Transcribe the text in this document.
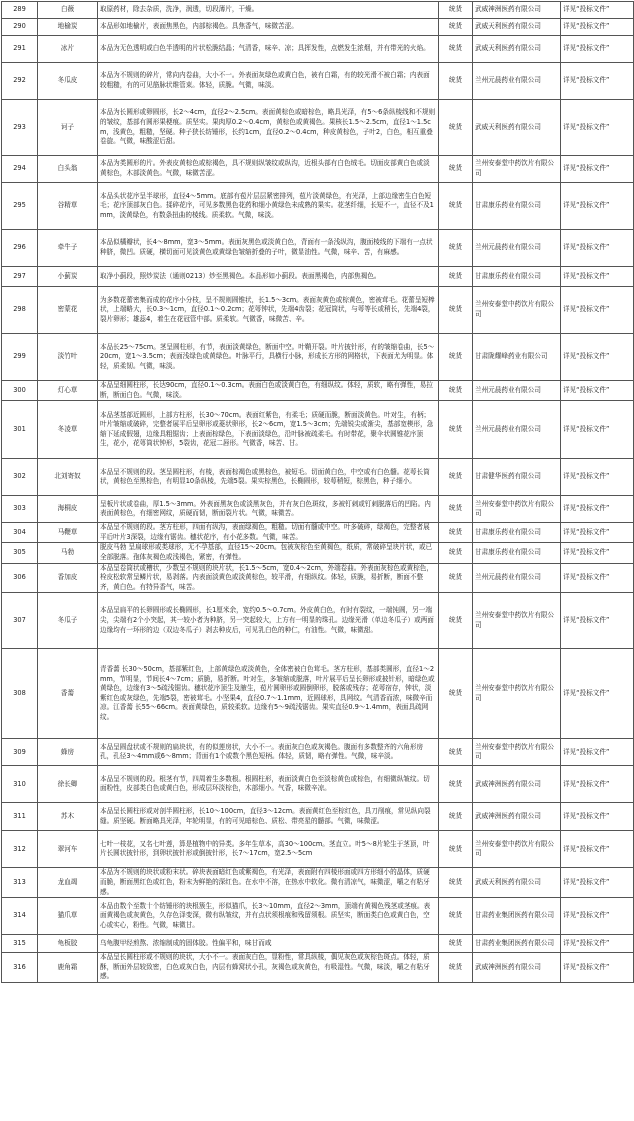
289	白薇	取原药材，除去杂质，洗净，润透，切段薄片，干燥。	统货	武威神洲医药有限公司	详见“投标文件”
290	地榆炭	本品形如地榆片，表面焦黑色，内部棕褐色。具焦香气，味微苦涩。	统货	武威天利医药有限公司	详见“投标文件”
291	冰片	本品为无色透明或白色半透明的片状松脆结晶；气清香，味辛、凉；具挥发性，点燃发生浓烟，并有带光的火焰。	统货	武威天利医药有限公司	详见“投标文件”
292	冬瓜皮	本品为不规则的碎片，常向内卷曲，大小不一。外表面灰绿色或黄白色，被有白霜，有的较光滑不被白霜；内表面较粗糙，有的可见筋脉状维管束。体轻，质脆。气微，味淡。	统货	兰州元晨药业有限公司	详见“投标文件”
293	诃子	本品为长圆形或卵圆形，长2～4cm，直径2～2.5cm。表面黄棕色或暗棕色，略具光泽，有5～6条纵棱线和不规则的皱纹，基部有圆形果梗痕。质坚实。果肉厚0.2～0.4cm，黄棕色或黄褐色。果核长1.5～2.5cm，直径1～1.5cm，浅黄色，粗糙，坚硬。种子狭长纺锤形，长约1cm，直径0.2～0.4cm，种皮黄棕色，子叶2，白色，相互重叠卷旋。气微，味酸涩后甜。	统货	武威天利医药有限公司	详见“投标文件”
294	白头翁	本品为类圆形的片。外表皮黄棕色或棕褐色，具不规则纵皱纹或纵沟，近根头部有白色绒毛。切面皮部黄白色或淡黄棕色，木部淡黄色。气微，味微苦涩。	统货	兰州安泰堂中药饮片有限公司	详见“投标文件”
295	谷精草	本品头状花序呈半球形，直径4～5mm。底部有苞片层层紧密排列，苞片淡黄绿色，有光泽，上部边缘密生白色短毛；花序顶部灰白色。揉碎花序，可见多数黑色花药和细小黄绿色未成熟的果实。花茎纤细，长短不一，直径不及1mm，淡黄绿色，有数条扭曲的棱线。质柔软。气微，味淡。	统货	甘肃康乐药业有限公司	详见“投标文件”
296	牵牛子	本品似橘瓣状，长4～8mm，宽3～5mm。表面灰黑色或淡黄白色，背面有一条浅纵沟，腹面棱线的下端有一点状种脐，微凹。质硬，横切面可见淡黄色或黄绿色皱缩折叠的子叶，微显油性。气微，味辛、苦，有麻感。	统货	兰州元晨药业有限公司	详见“投标文件”
297	小蓟炭	取净小蓟段，照炒炭法（通则0213）炒至黑褐色。本品形如小蓟段。表面黑褐色，内部焦褐色。	统货	甘肃康乐药业有限公司	详见“投标文件”
298	密蒙花	为多数花蕾密集而成的花序小分枝，呈不规则圆锥状，长1.5～3cm。表面灰黄色或棕黄色，密被茸毛。花蕾呈短棒状，上端略大，长0.3～1cm，直径0.1～0.2cm；花萼钟状，先端4齿裂；花冠筒状，与萼等长或稍长，先端4裂，裂片卵形；雄蕊4，着生在花冠管中部。质柔软。气微香，味微苦、辛。	统货	兰州安泰堂中药饮片有限公司	详见“投标文件”
299	淡竹叶	本品长25～75cm。茎呈圆柱形，有节，表面淡黄绿色，断面中空。叶鞘开裂。叶片披针形，有的皱缩卷曲，长5～20cm，宽1～3.5cm；表面浅绿色或黄绿色。叶脉平行，具横行小脉，形成长方形的网格状，下表面尤为明显。体轻，质柔韧。气微，味淡。	统货	甘肃陇耀峰药业有限公司	详见“投标文件”
300	灯心草	本品呈细圆柱形，长达90cm，直径0.1～0.3cm。表面白色或淡黄白色，有细纵纹。体轻，质软，略有弹性，易拉断，断面白色。气微，味淡。	统货	兰州元晨药业有限公司	详见“投标文件”
301	冬凌草	本品茎基部近圆形，上部方柱形，长30～70cm。表面红紫色，有柔毛；质硬而脆，断面淡黄色。叶对生，有柄；叶片皱缩或破碎，完整者展平后呈卵形或菱状卵形，长2～6cm，宽1.5～3cm；先端锐尖或渐尖，基部宽楔形，急缩下延成假翅，边缘具粗锯齿；上表面棕绿色，下表面淡绿色，沿叶脉被疏柔毛。有时带花，聚伞状圆锥花序顶生，花小，花萼筒状钟形，5裂齿，花冠二唇形。气微香，味苦、甘。	统货	兰州元晨药业有限公司	详见“投标文件”
302	北刘寄奴	本品呈不规则的段。茎呈圆柱形，有棱，表面棕褐色或黑棕色，被短毛。切面黄白色，中空或有白色髓。花萼长筒状，黄棕色至黑棕色，有明显10条纵棱，先端5裂。果实棕黑色，长椭圆形，较萼稍短，棕黑色，种子细小。	统货	甘肃健华医药有限公司	详见“投标文件”
303	海桐皮	呈板片状或卷曲，厚1.5～3mm。外表面黑灰色或淡黑灰色，并有灰白色斑纹，多被钉刺或钉刺脱落后的凹陷。内表面黄棕色，有细密网纹，质硬而韧，断面裂片状。气微，味微苦。	统货	兰州安泰堂中药饮片有限公司	详见“投标文件”
304	马鞭草	本品呈不规则的段。茎方柱形，四面有纵沟，表面绿褐色，粗糙。切面有髓或中空。叶多破碎，绿褐色，完整者展平后叶片3深裂，边缘有锯齿。穗状花序，有小花多数。气微，味苦。	统货	甘肃康乐药业有限公司	详见“投标文件”
305	马勃	脱皮马勃 呈扁球形或类球形，无不孕基部，直径15～20cm。包被灰棕色至黄褐色，纸质，常破碎呈块片状，或已全部脱落。孢体灰褐色或浅褐色，紧密，有弹性。	统货	甘肃康乐药业有限公司	详见“投标文件”
306	香加皮	本品呈卷筒状或槽状，少数呈不规则的块片状，长1.5～5cm，宽0.4～2cm，外端卷曲。外表面灰棕色或黄棕色，栓皮松软常呈鳞片状，易剥落。内表面淡黄色或淡黄棕色，较平滑，有细纵纹。体轻，质脆，易折断，断面不整齐，黄白色。有特异香气，味苦。	统货	兰州元晨药业有限公司	详见“投标文件”
307	冬瓜子	本品呈扁平的长卵圆形或长椭圆形，长1厘米余，宽约0.5～0.7cm。外皮黄白色，有时有裂纹，一端钝圆，另一端尖，尖端有2个小突起，其一较小者为种脐，另一突起较大，上方有一明显的珠孔。边缘光滑（单边冬瓜子）或两面边缘均有一环形的边（双边冬瓜子）剥去种皮后，可见乳白色的种仁，有油性。气微，味微甜。	统货	兰州安泰堂中药饮片有限公司	详见“投标文件”
308	香薷	青香薷 长30～50cm，基部紫红色，上部黄绿色或淡黄色，全体密被白色茸毛。茎方柱形，基部类圆形，直径1～2mm，节明显，节间长4～7cm；质脆，易折断。叶对生，多皱缩或脱落，叶片展平后呈长卵形或披针形，暗绿色或黄绿色，边缘有3～5疏浅锯齿。穗状花序顶生及腋生，苞片圆卵形或圆倒卵形，脱落或残存；花萼宿存，钟状，淡紫红色或灰绿色，先端5裂，密被茸毛。小坚果4，直径0.7～1.1mm，近圆球形，具网纹。气清香而浓，味微辛而凉。江香薷 长55～66cm。表面黄绿色，质较柔软。边缘有5～9疏浅锯齿。果实直径0.9～1.4mm，表面具疏网纹。	统货	兰州安泰堂中药饮片有限公司	详见“投标文件”
309	蜂房	本品呈圆盘状或不规则的扁块状，有的似莲房状，大小不一。表面灰白色或灰褐色。腹面有多数整齐的六角形房孔，孔径3～4mm或6～8mm；背面有1个或数个黑色短柄。体轻，质韧，略有弹性。气微，味辛淡。	统货	兰州安泰堂中药饮片有限公司	详见“投标文件”
310	徐长卿	本品呈不规则的段。根茎有节，四周着生多数根。根圆柱形，表面淡黄白色至淡棕黄色或棕色，有细微纵皱纹。切面粉性，皮部类白色或黄白色，形成层环淡棕色，木部细小。气香，味微辛凉。	统货	武威神洲医药有限公司	详见“投标文件”
311	苏木	本品呈长圆柱形或对剖半圆柱形，长10～100cm，直径3～12cm。表面黄红色至棕红色，具刀削痕，常见纵向裂缝。质坚硬。断面略具光泽，年轮明显，有的可见暗棕色、质松、带亮星的髓部。气微，味微涩。	统货	武威神洲医药有限公司	详见“投标文件”
312	翠河车	七叶一枝花，又名七叶莲，算是植物中的异类。多年生草本，高30～100cm。茎直立。叶5～8片轮生于茎顶，叶片长圆状披针形，到卵状披针形或倒披针形，长7～17cm，宽2.5～5cm	统货	兰州安泰堂中药饮片有限公司	详见“投标文件”
313	龙血竭	本品为不规则的块状或粉末状。碎块表面暗红色或紫褐色，有光泽，表面附有四棱形面或四方形细小的晶体，质硬而脆，断面黑红色或红色，粉末为鲜艳的深红色。在水中不溶，在热水中软化。微有清凉气，味微涩，嚼之有粘牙感。	统货	武威天利医药有限公司	详见“投标文件”
314	猫爪草	本品由数个至数十个纺锤形的块根簇生，形似猫爪，长3～10mm，直径2～3mm，顶端有黄褐色残茎或茎痕。表面黄褐色或灰黄色，久存色泽变深，微有纵皱纹，并有点状须根痕和残留须根。质坚实，断面类白色或黄白色，空心或实心，粉性。气微，味微甘。	统货	甘肃药业集团医药有限公司	详见“投标文件”
315	龟板胶	乌龟腹甲经煎熬、浓缩制成的固体胶。性偏平和，味甘而咸	统货	甘肃药业集团医药有限公司	详见“投标文件”
316	鹿角霜	本品呈长圆柱形或不规则的块状，大小不一。表面灰白色，显粉性，常具纵棱，偶见灰色或灰棕色斑点。体轻，质酥，断面外层较致密，白色或灰白色，内层有蜂窝状小孔，灰褐色或灰黄色，有吸湿性。气微，味淡，嚼之有粘牙感。	统货	武威神洲医药有限公司	详见“投标文件”
